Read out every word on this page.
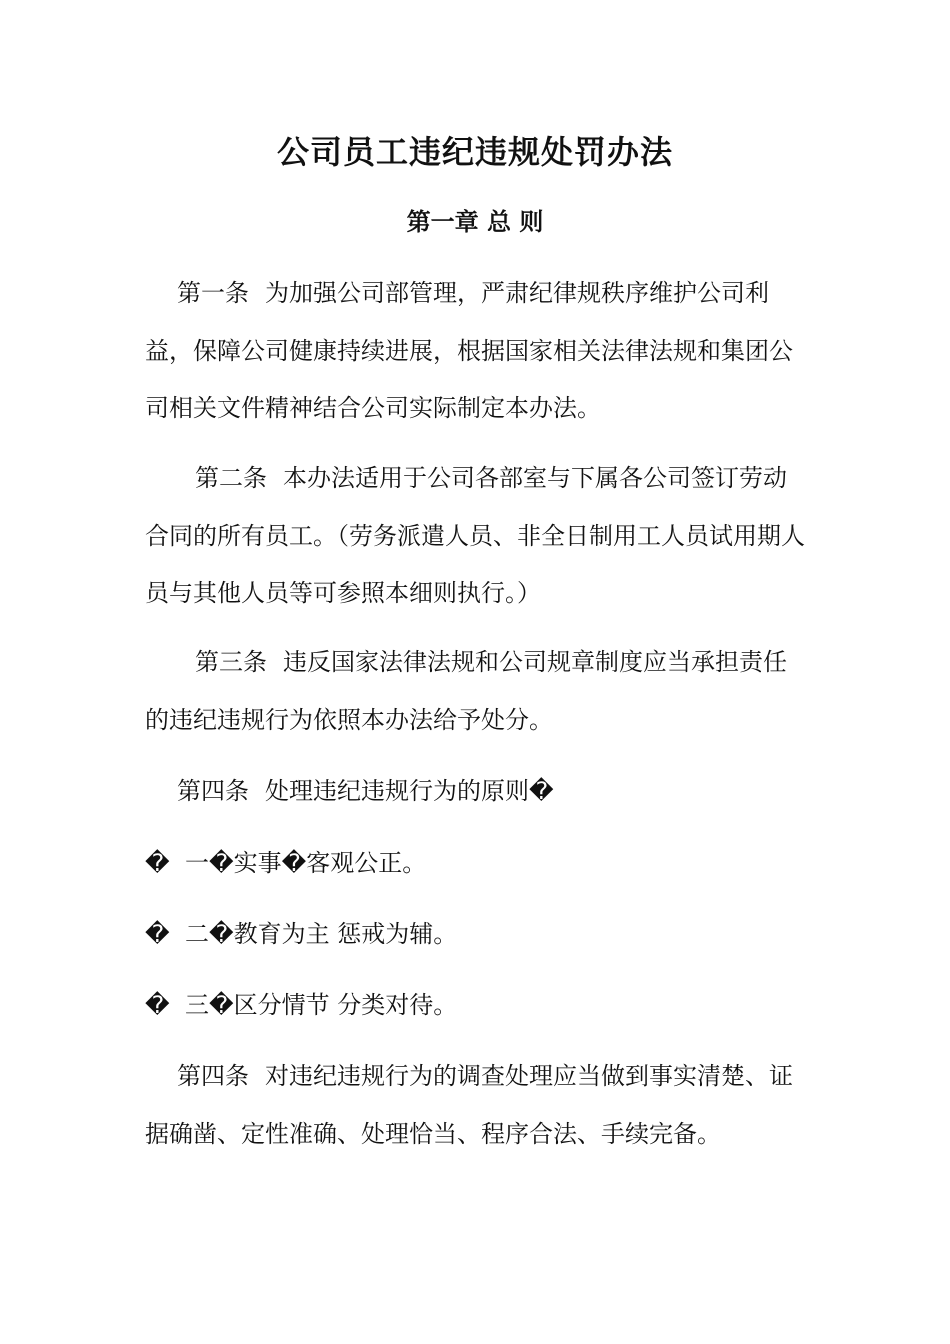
公司员工违纪违规处罚办法
第一章 总 则

第一条 为加强公司部管理，严肃纪律规秩序维护公司利益，保障公司健康持续进展，根据国家相关法律法规和集团公司相关文件精神结合公司实际制定本办法。

第二条 本办法适用于公司各部室与下属各公司签订劳动合同的所有员工。（劳务派遣人员、非全日制用工人员试用期人员与其他人员等可参照本细则执行。）

第三条 违反国家法律法规和公司规章制度应当承担责任的违纪违规行为依照本办法给予处分。

第四条 处理违纪违规行为的原则�

� 一�实事�客观公正。
� 二�教育为主 惩戒为辅。
� 三�区分情节 分类对待。

第四条 对违纪违规行为的调查处理应当做到事实清楚、证据确凿、定性准确、处理恰当、程序合法、手续完备。
